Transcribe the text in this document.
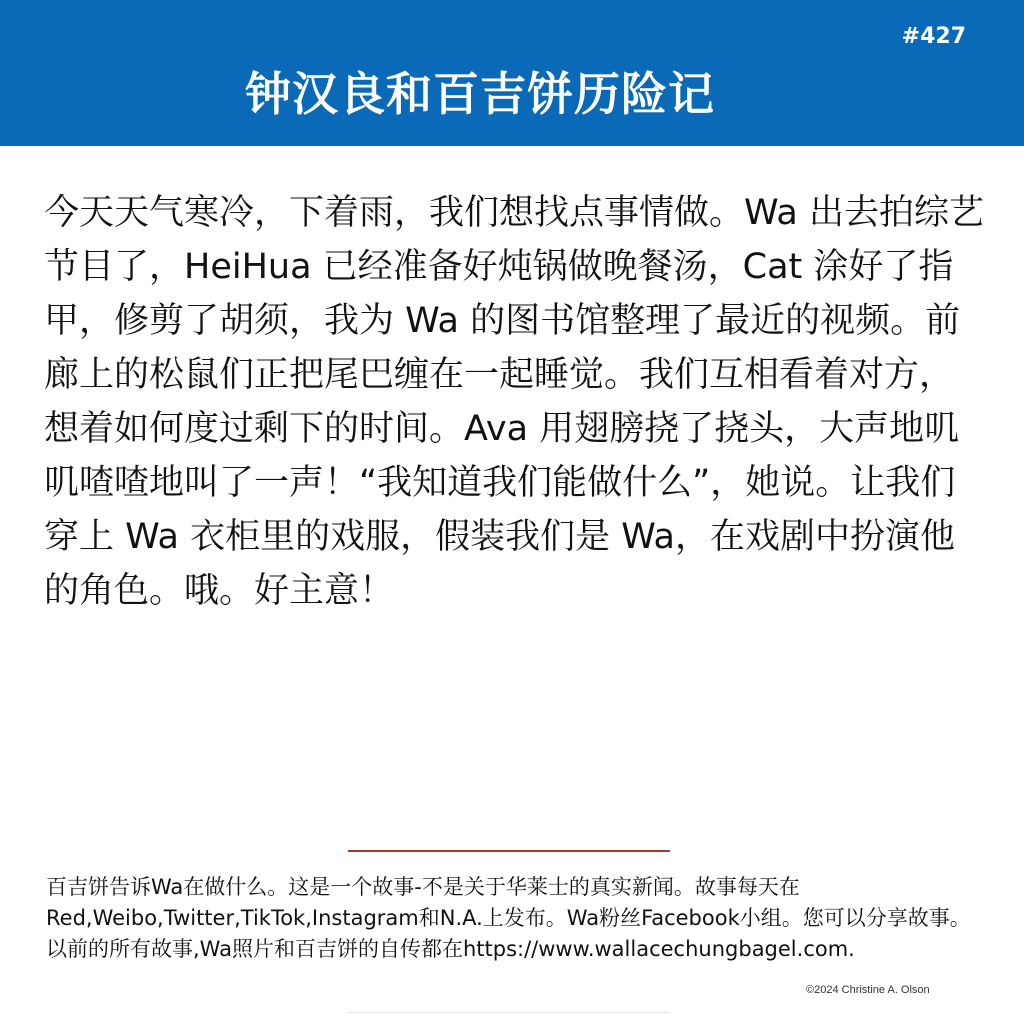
#427
钟汉良和百吉饼历险记
今天天气寒冷，下着雨，我们想找点事情做。Wa 出去拍综艺节目了，HeiHua 已经准备好炖锅做晚餐汤，Cat 涂好了指甲，修剪了胡须，我为 Wa 的图书馆整理了最近的视频。前廊上的松鼠们正把尾巴缠在一起睡觉。我们互相看着对方，想着如何度过剩下的时间。Ava 用翅膀挠了挠头，大声地叽叽喳喳地叫了一声！“我知道我们能做什么”，她说。让我们穿上 Wa 衣柜里的戏服，假装我们是 Wa，在戏剧中扮演他的角色。哦。好主意！
百吉饼告诉Wa在做什么。这是一个故事-不是关于华莱士的真实新闻。故事每天在Red,Weibo,Twitter,TikTok,Instagram和N.A.上发布。Wa粉丝Facebook小组。您可以分享故事。以前的所有故事,Wa照片和百吉饼的自传都在https://www.wallacechungbagel.com.
©2024 Christine A. Olson
